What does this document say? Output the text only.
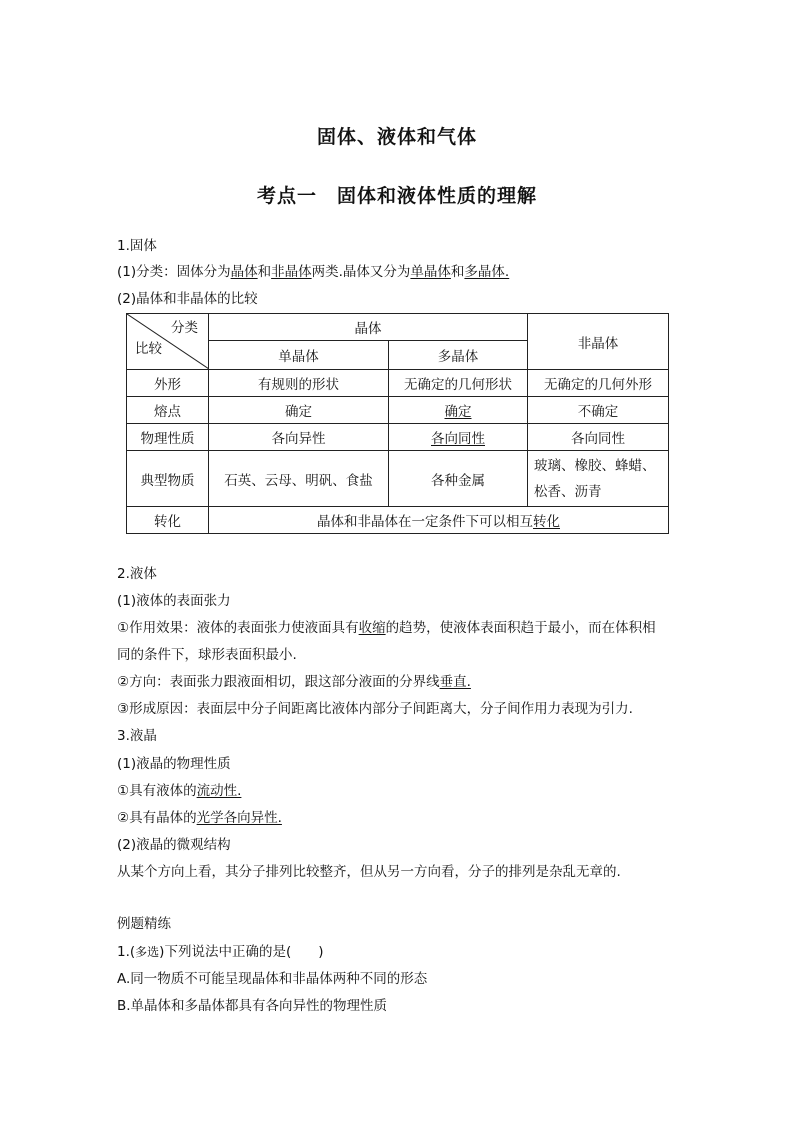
固体、液体和气体
考点一　固体和液体性质的理解
1.固体
(1)分类：固体分为晶体和非晶体两类.晶体又分为单晶体和多晶体.
(2)晶体和非晶体的比较
分类
比较	晶体		非晶体
	单晶体	多晶体	
外形	有规则的形状	无确定的几何形状	无确定的几何外形
熔点	确定	确定	不确定
物理性质	各向异性	各向同性	各向同性
典型物质	石英、云母、明矾、食盐	各种金属	玻璃、橡胶、蜂蜡、
松香、沥青

转化	晶体和非晶体在一定条件下可以相互转化		
2.液体
(1)液体的表面张力
①作用效果：液体的表面张力使液面具有收缩的趋势，使液体表面积趋于最小，而在体积相
同的条件下，球形表面积最小.
②方向：表面张力跟液面相切，跟这部分液面的分界线垂直.
③形成原因：表面层中分子间距离比液体内部分子间距离大，分子间作用力表现为引力.
3.液晶
(1)液晶的物理性质
①具有液体的流动性.
②具有晶体的光学各向异性.
(2)液晶的微观结构
从某个方向上看，其分子排列比较整齐，但从另一方向看，分子的排列是杂乱无章的.
例题精练
1.(多选)下列说法中正确的是(　　)
A.同一物质不可能呈现晶体和非晶体两种不同的形态
B.单晶体和多晶体都具有各向异性的物理性质
